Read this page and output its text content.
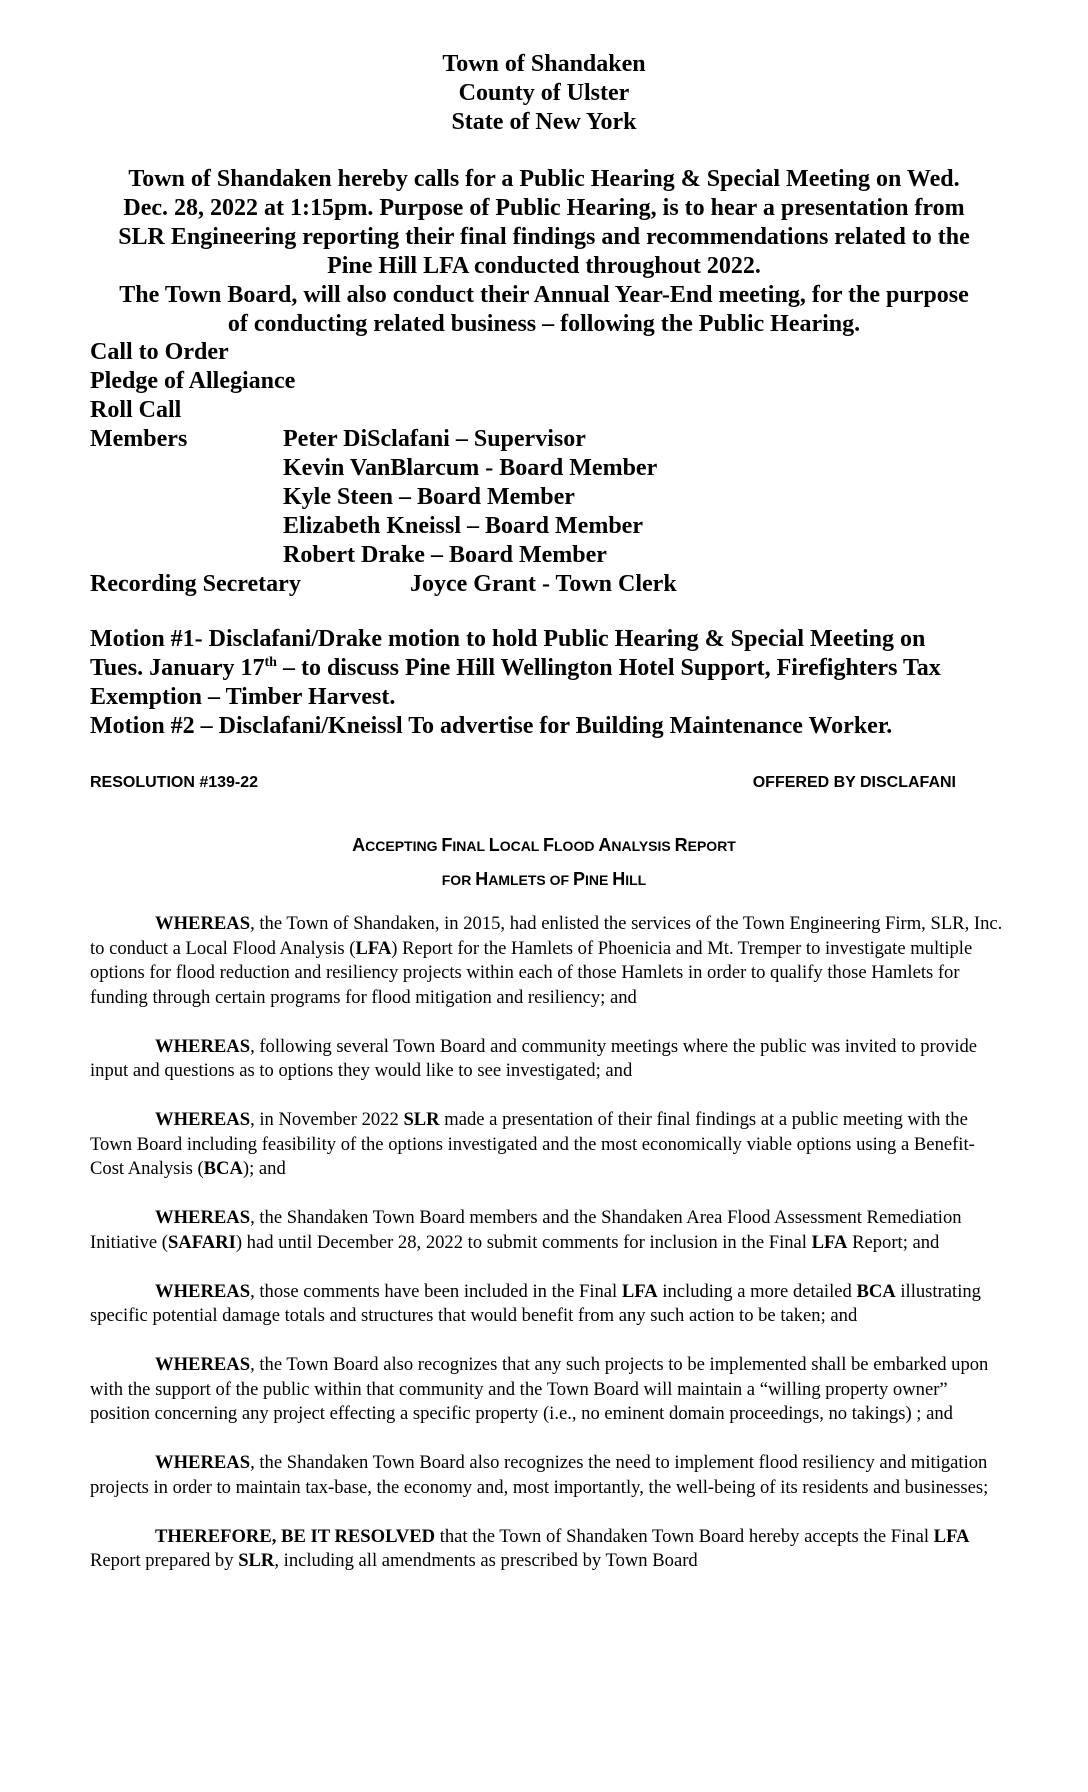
Town of Shandaken
County of Ulster
State of New York
Town of Shandaken hereby calls for a Public Hearing & Special Meeting on Wed.
Dec. 28, 2022 at 1:15pm. Purpose of Public Hearing, is to hear a presentation from
SLR Engineering reporting their final findings and recommendations related to the
Pine Hill LFA conducted throughout 2022.
The Town Board, will also conduct their Annual Year-End meeting, for the purpose
of conducting related business – following the Public Hearing.
Call to Order
Pledge of Allegiance
Roll Call
Members	Peter DiSclafani – Supervisor
Kevin VanBlarcum - Board Member
Kyle Steen – Board Member
Elizabeth Kneissl – Board Member
Robert Drake – Board Member
Recording Secretary	Joyce Grant - Town Clerk
Motion #1- Disclafani/Drake motion to hold Public Hearing & Special Meeting on
Tues. January 17th – to discuss Pine Hill Wellington Hotel Support, Firefighters Tax
Exemption – Timber Harvest.
Motion #2 – Disclafani/Kneissl To advertise for Building Maintenance Worker.
RESOLUTION #139-22	OFFERED BY DISCLAFANI
ACCEPTING FINAL LOCAL FLOOD ANALYSIS REPORT
FOR HAMLETS OF PINE HILL

WHEREAS, the Town of Shandaken, in 2015, had enlisted the services of the Town Engineering Firm, SLR, Inc. to conduct a Local Flood Analysis (LFA) Report for the Hamlets of Phoenicia and Mt. Tremper to investigate multiple options for flood reduction and resiliency projects within each of those Hamlets in order to qualify those Hamlets for funding through certain programs for flood mitigation and resiliency; and

WHEREAS, following several Town Board and community meetings where the public was invited to provide input and questions as to options they would like to see investigated; and

WHEREAS, in November 2022 SLR made a presentation of their final findings at a public meeting with the Town Board including feasibility of the options investigated and the most economically viable options using a Benefit-Cost Analysis (BCA); and

WHEREAS, the Shandaken Town Board members and the Shandaken Area Flood Assessment Remediation Initiative (SAFARI) had until December 28, 2022 to submit comments for inclusion in the Final LFA Report; and

WHEREAS, those comments have been included in the Final LFA including a more detailed BCA illustrating specific potential damage totals and structures that would benefit from any such action to be taken; and

WHEREAS, the Town Board also recognizes that any such projects to be implemented shall be embarked upon with the support of the public within that community and the Town Board will maintain a “willing property owner” position concerning any project effecting a specific property (i.e., no eminent domain proceedings, no takings) ; and

WHEREAS, the Shandaken Town Board also recognizes the need to implement flood resiliency and mitigation projects in order to maintain tax-base, the economy and, most importantly, the well-being of its residents and businesses;

THEREFORE, BE IT RESOLVED that the Town of Shandaken Town Board hereby accepts the Final LFA Report prepared by SLR, including all amendments as prescribed by Town Board
